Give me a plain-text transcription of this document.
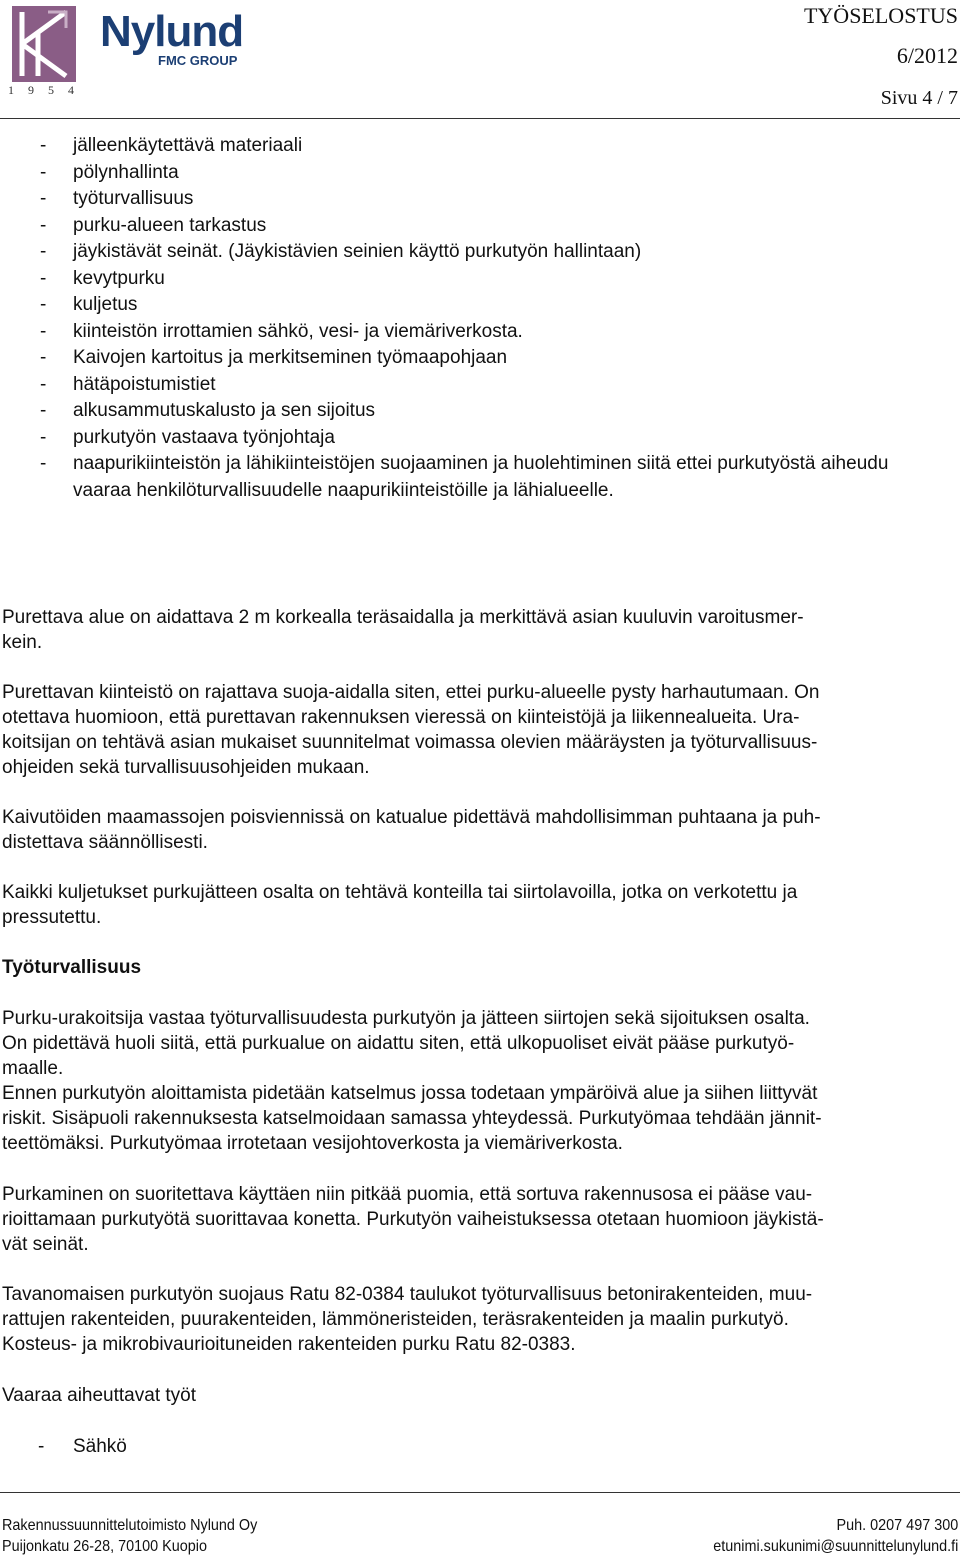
Nylund
FMC GROUP
1954
TYÖSELOSTUS
6/2012
Sivu 4 / 7
- jälleenkäytettävä materiaali
- pölynhallinta
- työturvallisuus
- purku-alueen tarkastus
- jäykistävät seinät. (Jäykistävien seinien käyttö purkutyön hallintaan)
- kevytpurku
- kuljetus
- kiinteistön irrottamien sähkö, vesi- ja viemäriverkosta.
- Kaivojen kartoitus ja merkitseminen työmaapohjaan
- hätäpoistumistiet
- alkusammutuskalusto ja sen sijoitus
- purkutyön vastaava työnjohtaja
- naapurikiinteistön ja lähikiinteistöjen suojaaminen ja huolehtiminen siitä ettei purkutyöstä aiheudu vaaraa henkilöturvallisuudelle naapurikiinteistöille ja lähialueelle.
Purettava alue on aidattava 2 m korkealla teräsaidalla ja merkittävä asian kuuluvin varoitusmer-
kein.
Purettavan kiinteistö on rajattava suoja-aidalla siten, ettei purku-alueelle pysty harhautumaan. On
otettava huomioon, että purettavan rakennuksen vieressä on kiinteistöjä ja liikennealueita. Ura-
koitsijan on tehtävä asian mukaiset suunnitelmat voimassa olevien määräysten ja työturvallisuus-
ohjeiden sekä turvallisuusohjeiden mukaan.
Kaivutöiden maamassojen poisviennissä on katualue pidettävä mahdollisimman puhtaana ja puh-
distettava säännöllisesti.
Kaikki kuljetukset purkujätteen osalta on tehtävä konteilla tai siirtolavoilla, jotka on verkotettu ja
pressutettu.
Työturvallisuus
Purku-urakoitsija vastaa työturvallisuudesta purkutyön ja jätteen siirtojen sekä sijoituksen osalta.
On pidettävä huoli siitä, että purkualue on aidattu siten, että ulkopuoliset eivät pääse purkutyö-
maalle.
Ennen purkutyön aloittamista pidetään katselmus jossa todetaan ympäröivä alue ja siihen liittyvät
riskit. Sisäpuoli rakennuksesta katselmoidaan samassa yhteydessä. Purkutyömaa tehdään jännit-
teettömäksi. Purkutyömaa irrotetaan vesijohtoverkosta ja viemäriverkosta.
Purkaminen on suoritettava käyttäen niin pitkää puomia, että sortuva rakennusosa ei pääse vau-
rioittamaan purkutyötä suorittavaa konetta. Purkutyön vaiheistuksessa otetaan huomioon jäykistä-
vät seinät.
Tavanomaisen purkutyön suojaus Ratu 82-0384 taulukot työturvallisuus betonirakenteiden, muu-
rattujen rakenteiden, puurakenteiden, lämmöneristeiden, teräsrakenteiden ja maalin purkutyö.
Kosteus- ja mikrobivaurioituneiden rakenteiden purku Ratu 82-0383.
Vaaraa aiheuttavat työt
-	Sähkö
Rakennussuunnittelutoimisto Nylund Oy
Puijonkatu 26-28, 70100 Kuopio
Puh. 0207 497 300
etunimi.sukunimi@suunnittelunylund.fi
